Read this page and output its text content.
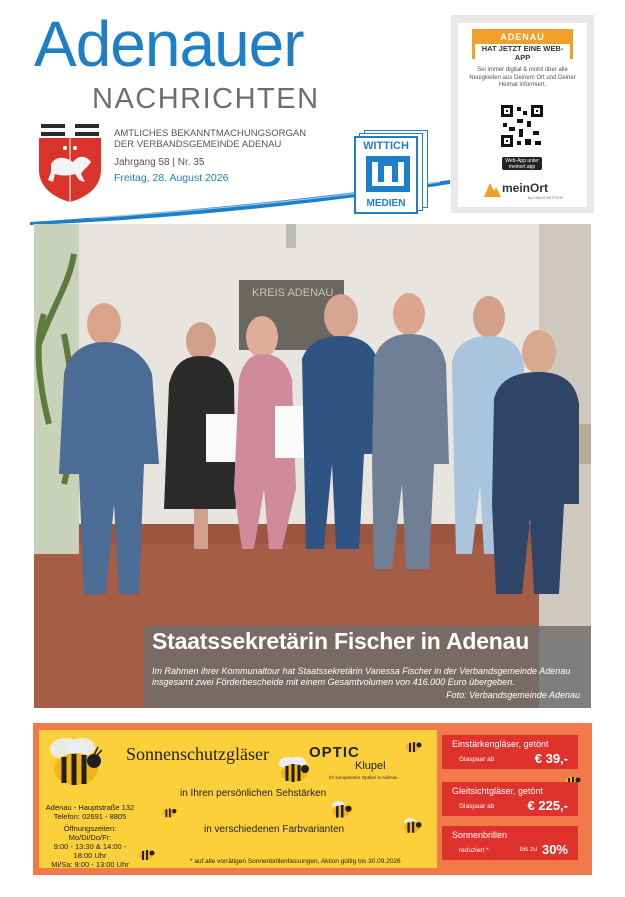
Adenauer
NACHRICHTEN
AMTLICHES BEKANNTMACHUNGSORGAN
DER VERBANDSGEMEINDE ADENAU
Jahrgang 58 | Nr. 35
Freitag, 28. August 2026
WITTICH
MEDIEN
ADENAU
HAT JETZT EINE WEB-APP
Sei immer digital & mobil über alle Neuigkeiten aus Deinem Ort und Deiner Heimat informiert.
Web-App unter meinort.app
meinOrt
by LINUS WITTICH
KREIS ADENAU
Staatssekretärin Fischer in Adenau
Im Rahmen ihrer Kommunaltour hat Staatssekretärin Vanessa Fischer in der Verbandsgemeinde Adenau insgesamt zwei Förderbescheide mit einem Gesamtvolumen von 416.000 Euro übergeben.
Foto: Verbandsgemeinde Adenau
Sonnenschutzgläser	OPTIC
Klupel
Ihr kompetenter Optiker in Adenau
in Ihren persönlichen Sehstärken
in verschiedenen Farbvarianten
Adenau - Hauptstraße 132
Telefon: 02691 - 8805
Öffnungszeiten:
Mo/Di/Do/Fr:
9:00 - 13:30 & 14:00 -
18:00 Uhr
Mi/Sa: 9:00 - 13:00 Uhr	* auf alle vorrätigen Sonnenbrillenfassungen, Aktion gültig bis 30.09.2026
Einstärkengläser, getönt
Glaspaar ab	€ 39,-
Gleitsichtgläser, getönt
Glaspaar ab	€ 225,-
Sonnenbrillen
reduziert *	bis zu 30%
